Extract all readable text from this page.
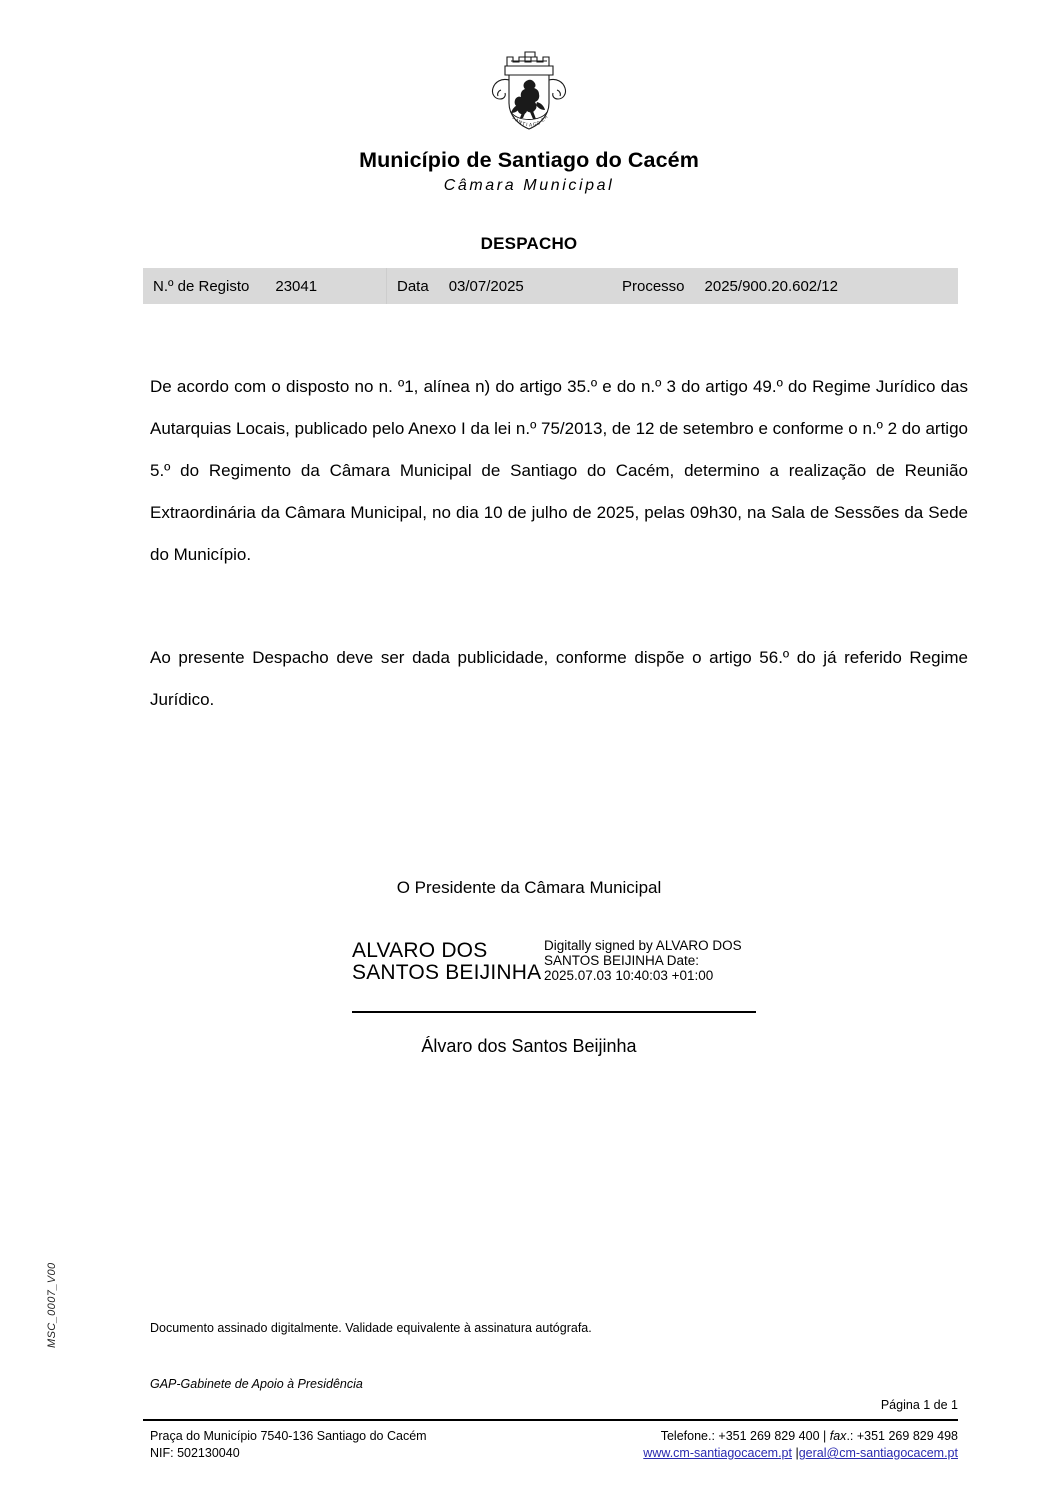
S
A
N T I A G O
C
A
Município de Santiago do Cacém
Câmara Municipal
DESPACHO
N.º de Registo	23041	Data	03/07/2025	Processo	2025/900.20.602/12
De acordo com o disposto no n. º1, alínea n) do artigo 35.º e do n.º 3 do artigo 49.º do Regime Jurídico das Autarquias Locais, publicado pelo Anexo I da lei n.º 75/2013, de 12 de setembro e conforme o n.º 2 do artigo 5.º do Regimento da Câmara Municipal de Santiago do Cacém, determino a realização de Reunião Extraordinária da Câmara Municipal, no dia 10 de julho de 2025, pelas 09h30, na Sala de Sessões da Sede do Município.
Ao presente Despacho deve ser dada publicidade, conforme dispõe o artigo 56.º do já referido Regime Jurídico.
O Presidente da Câmara Municipal
ALVARO DOS SANTOS BEIJINHA
Digitally signed by ALVARO DOS SANTOS BEIJINHA Date: 2025.07.03 10:40:03 +01:00
Álvaro dos Santos Beijinha
Documento assinado digitalmente. Validade equivalente à assinatura autógrafa.
GAP-Gabinete de Apoio à Presidência
Página 1 de 1
Praça do Município 7540-136 Santiago do Cacém
NIF: 502130040
Telefone.: +351 269 829 400 | fax.: +351 269 829 498
www.cm-santiagocacem.pt |geral@cm-santiagocacem.pt
MSC_0007_V00
